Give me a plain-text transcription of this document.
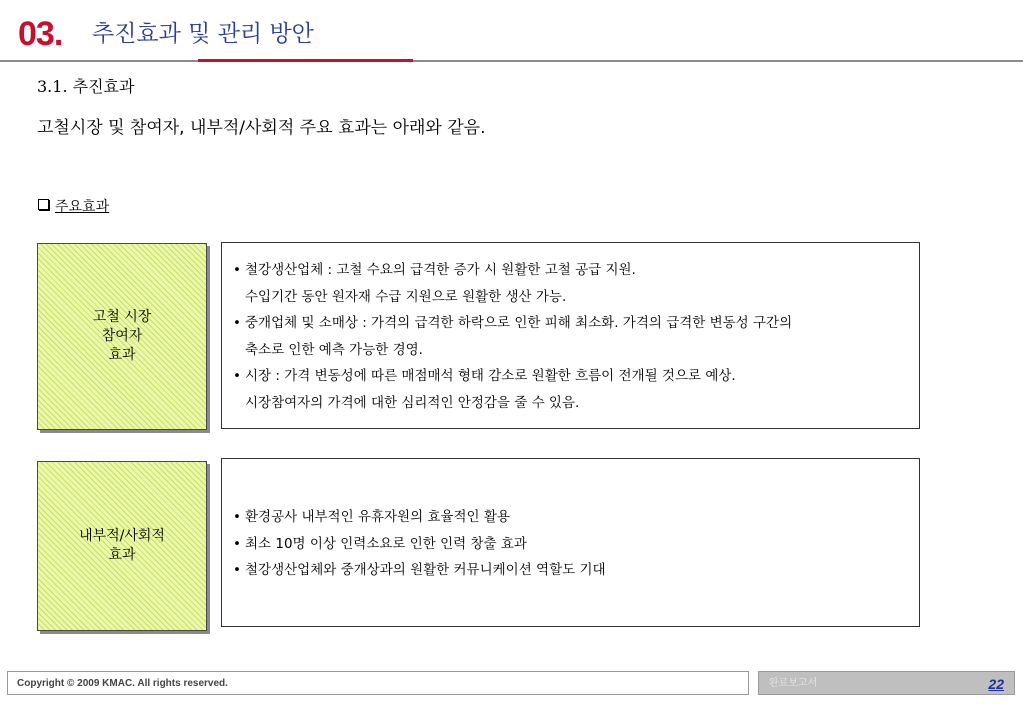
03. 추진효과 및 관리 방안
3.1. 추진효과
고철시장 및 참여자, 내부적/사회적 주요 효과는 아래와 같음.
주요효과
고철 시장
참여자
효과
• 철강생산업체 : 고철 수요의 급격한 증가 시 원활한 고철 공급 지원.
수입기간 동안 원자재 수급 지원으로 원활한 생산 가능.
• 중개업체 및 소매상 : 가격의 급격한 하락으로 인한 피해 최소화. 가격의 급격한 변동성 구간의
축소로 인한 예측 가능한 경영.
• 시장 : 가격 변동성에 따른 매점매석 형태 감소로 원활한 흐름이 전개될 것으로 예상.
시장참여자의 가격에 대한 심리적인 안정감을 줄 수 있음.
내부적/사회적
효과
• 환경공사 내부적인 유휴자원의 효율적인 활용
• 최소 10명 이상 인력소요로 인한 인력 창출 효과
• 철강생산업체와 중개상과의 원활한 커뮤니케이션 역할도 기대
Copyright © 2009 KMAC. All rights reserved.	완료보고서	22
